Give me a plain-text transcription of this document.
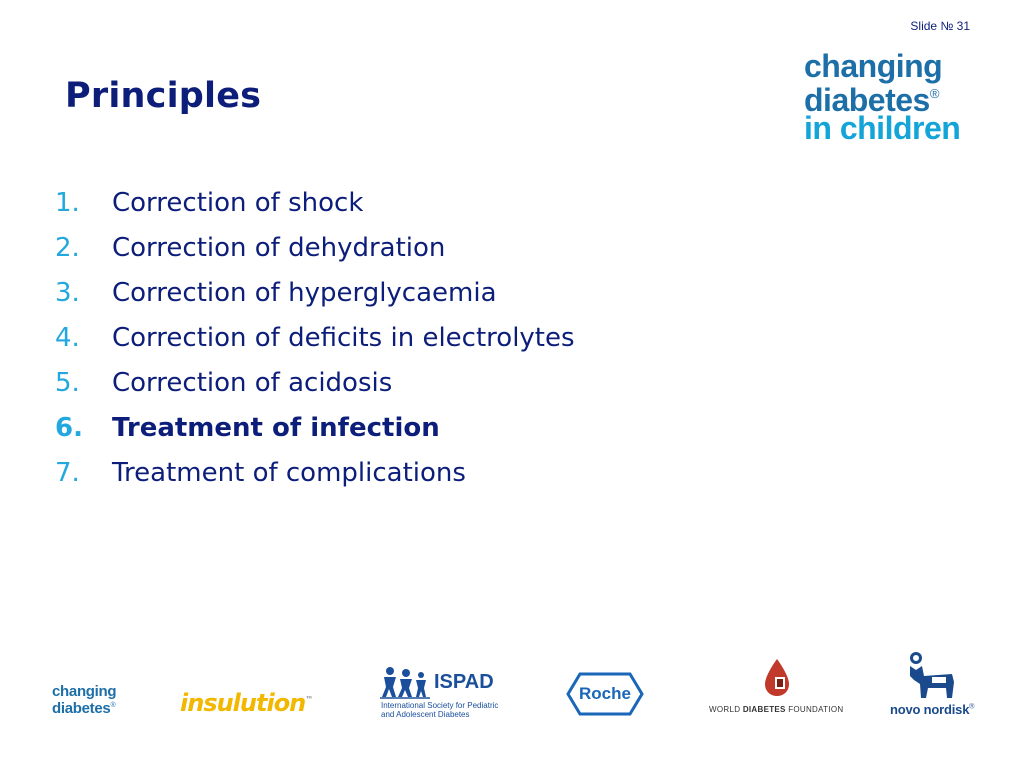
Slide № 31
Principles
changing
diabetes®
in children
1.	Correction of shock
2.	Correction of dehydration
3.	Correction of hyperglycaemia
4.	Correction of deficits in electrolytes
5.	Correction of acidosis
6.	Treatment of infection
7.	Treatment of complications
changing
diabetes®	insulution™
ISPAD
International Society for Pediatric
and Adolescent Diabetes
Roche
WORLD DIABETES FOUNDATION	novo nordisk®
